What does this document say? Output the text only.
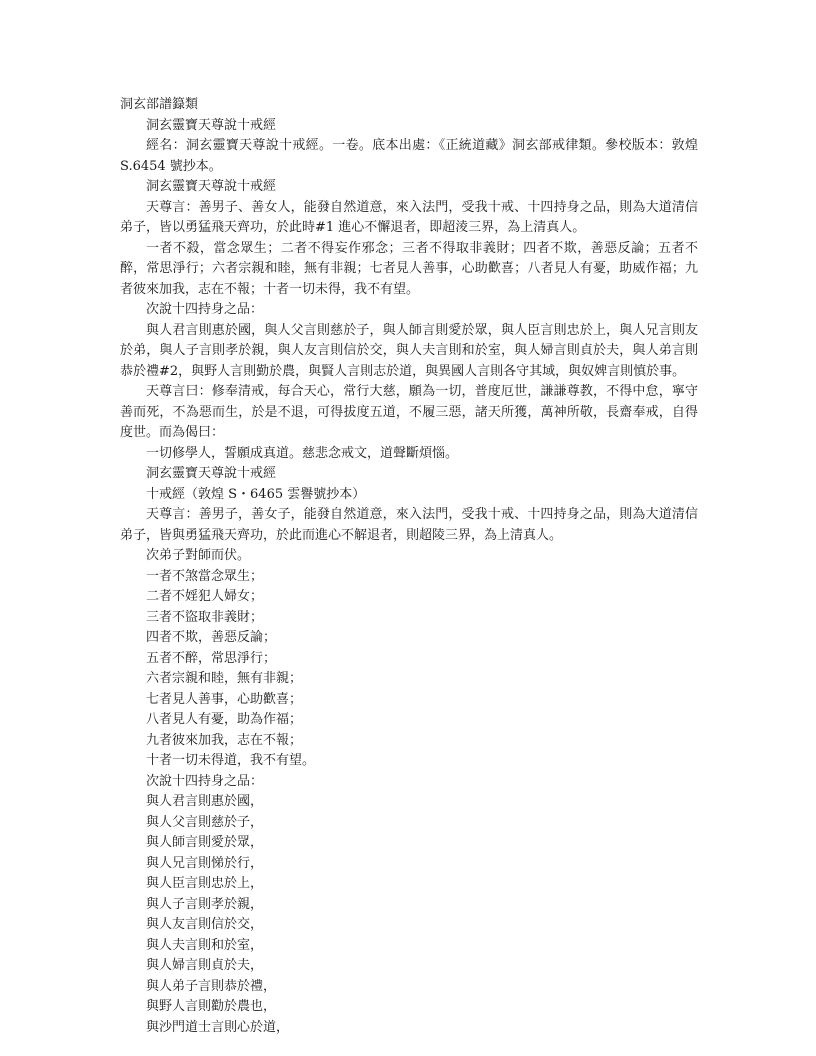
洞玄部譜籙類

洞玄靈寶天尊說十戒經

經名：洞玄靈寶天尊說十戒經。一卷。底本出處：《正統道藏》洞玄部戒律類。參校版本：敦煌 S.6454 號抄本。

洞玄靈寶天尊說十戒經

天尊言：善男子、善女人，能發自然道意，來入法門，受我十戒、十四持身之品，則為大道清信弟子，皆以勇猛飛天齊功，於此時#1 進心不懈退者，即超淩三界，為上清真人。

一者不殺，當念眾生；二者不得妄作邪念；三者不得取非義財；四者不欺，善惡反論；五者不醉，常思淨行；六者宗親和睦，無有非親；七者見人善事，心助歡喜；八者見人有憂，助威作福；九者彼來加我，志在不報；十者一切未得，我不有望。

次說十四持身之品：

與人君言則惠於國，與人父言則慈於子，與人師言則愛於眾，與人臣言則忠於上，與人兄言則友於弟，與人子言則孝於親，與人友言則信於交，與人夫言則和於室，與人婦言則貞於夫，與人弟言則恭於禮#2，與野人言則勤於農，與賢人言則志於道，與異國人言則各守其域，與奴婢言則慎於事。

天尊言曰：修奉清戒，每合天心，常行大慈，願為一切，普度厄世，謙謙尊教，不得中怠，寧守善而死，不為惡而生，於是不退，可得拔度五道，不履三惡，諸天所獲，萬神所敬，長齋奉戒，自得度世。而為偈曰：

一切修學人，誓願成真道。慈悲念戒文，道聲斷煩惱。

洞玄靈寶天尊說十戒經

十戒經（敦煌 S・6465 雲譽號抄本）

天尊言：善男子，善女子，能發自然道意，來入法門，受我十戒、十四持身之品，則為大道清信弟子，皆與勇猛飛天齊功，於此而進心不解退者，則超陵三界，為上清真人。

次弟子對師而伏。

一者不煞當念眾生；

二者不婬犯人婦女；

三者不盜取非義財；

四者不欺，善惡反論；

五者不醉，常思淨行；

六者宗親和睦，無有非親；

七者見人善事，心助歡喜；

八者見人有憂，助為作福；

九者彼來加我，志在不報；

十者一切未得道，我不有望。

次說十四持身之品：

與人君言則惠於國，

與人父言則慈於子，

與人師言則愛於眾，

與人兄言則悌於行，

與人臣言則忠於上，

與人子言則孝於親，

與人友言則信於交，

與人夫言則和於室，

與人婦言則貞於夫，

與人弟子言則恭於禮，

與野人言則勸於農也，

與沙門道士言則心於道，
